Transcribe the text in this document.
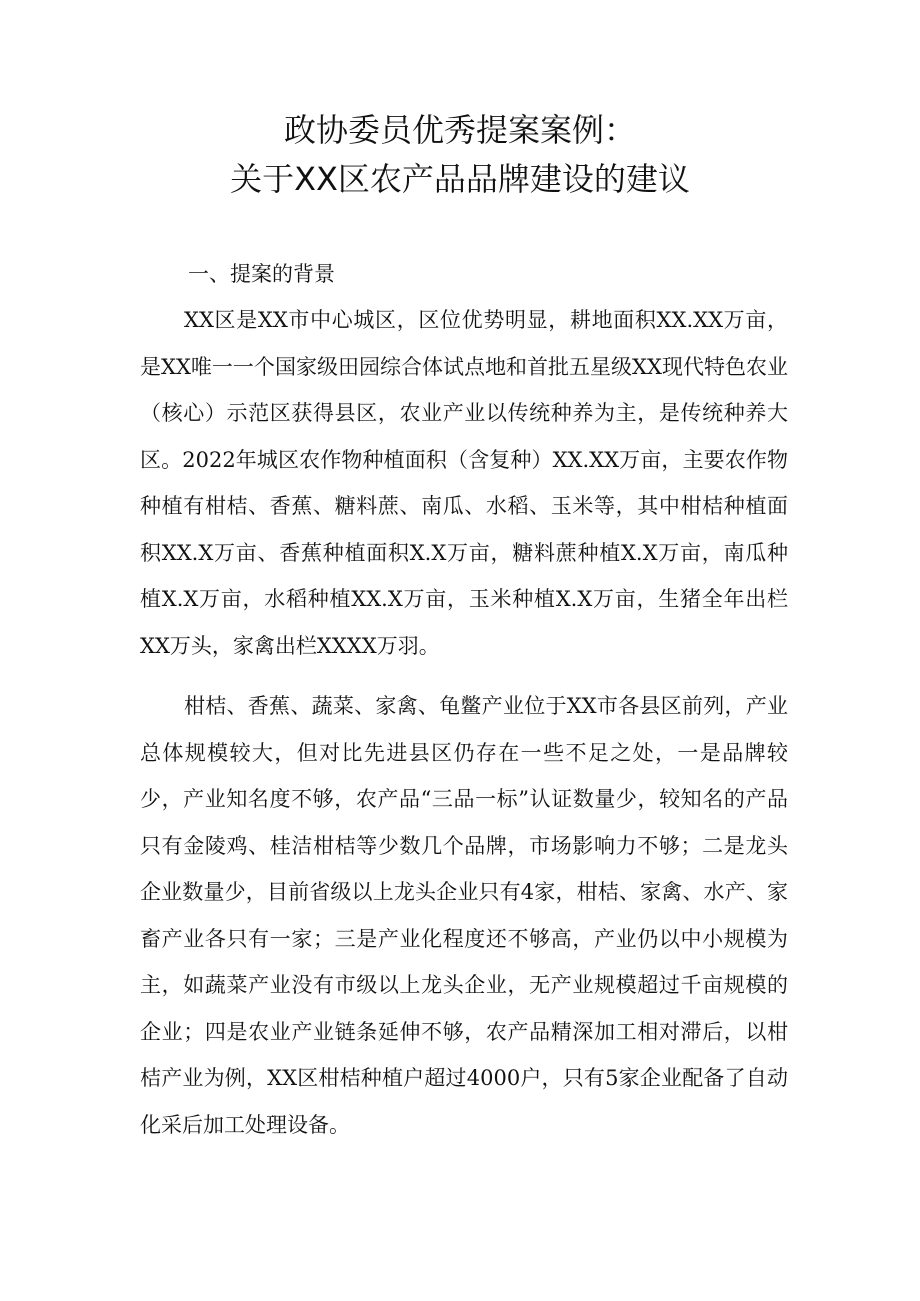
政协委员优秀提案案例：
关于XX区农产品品牌建设的建议

一、提案的背景

XX区是XX市中心城区，区位优势明显，耕地面积XX.XX万亩，是XX唯一一个国家级田园综合体试点地和首批五星级XX现代特色农业（核心）示范区获得县区，农业产业以传统种养为主，是传统种养大区。2022年城区农作物种植面积（含复种）XX.XX万亩，主要农作物种植有柑桔、香蕉、糖料蔗、南瓜、水稻、玉米等，其中柑桔种植面积XX.X万亩、香蕉种植面积X.X万亩，糖料蔗种植X.X万亩，南瓜种植X.X万亩，水稻种植XX.X万亩，玉米种植X.X万亩，生猪全年出栏XX万头，家禽出栏XXXX万羽。

柑桔、香蕉、蔬菜、家禽、龟鳖产业位于XX市各县区前列，产业总体规模较大，但对比先进县区仍存在一些不足之处，一是品牌较少，产业知名度不够，农产品“三品一标”认证数量少，较知名的产品只有金陵鸡、桂洁柑桔等少数几个品牌，市场影响力不够；二是龙头企业数量少，目前省级以上龙头企业只有4家，柑桔、家禽、水产、家畜产业各只有一家；三是产业化程度还不够高，产业仍以中小规模为主，如蔬菜产业没有市级以上龙头企业，无产业规模超过千亩规模的企业；四是农业产业链条延伸不够，农产品精深加工相对滞后，以柑桔产业为例，XX区柑桔种植户超过4000户，只有5家企业配备了自动化采后加工处理设备。
